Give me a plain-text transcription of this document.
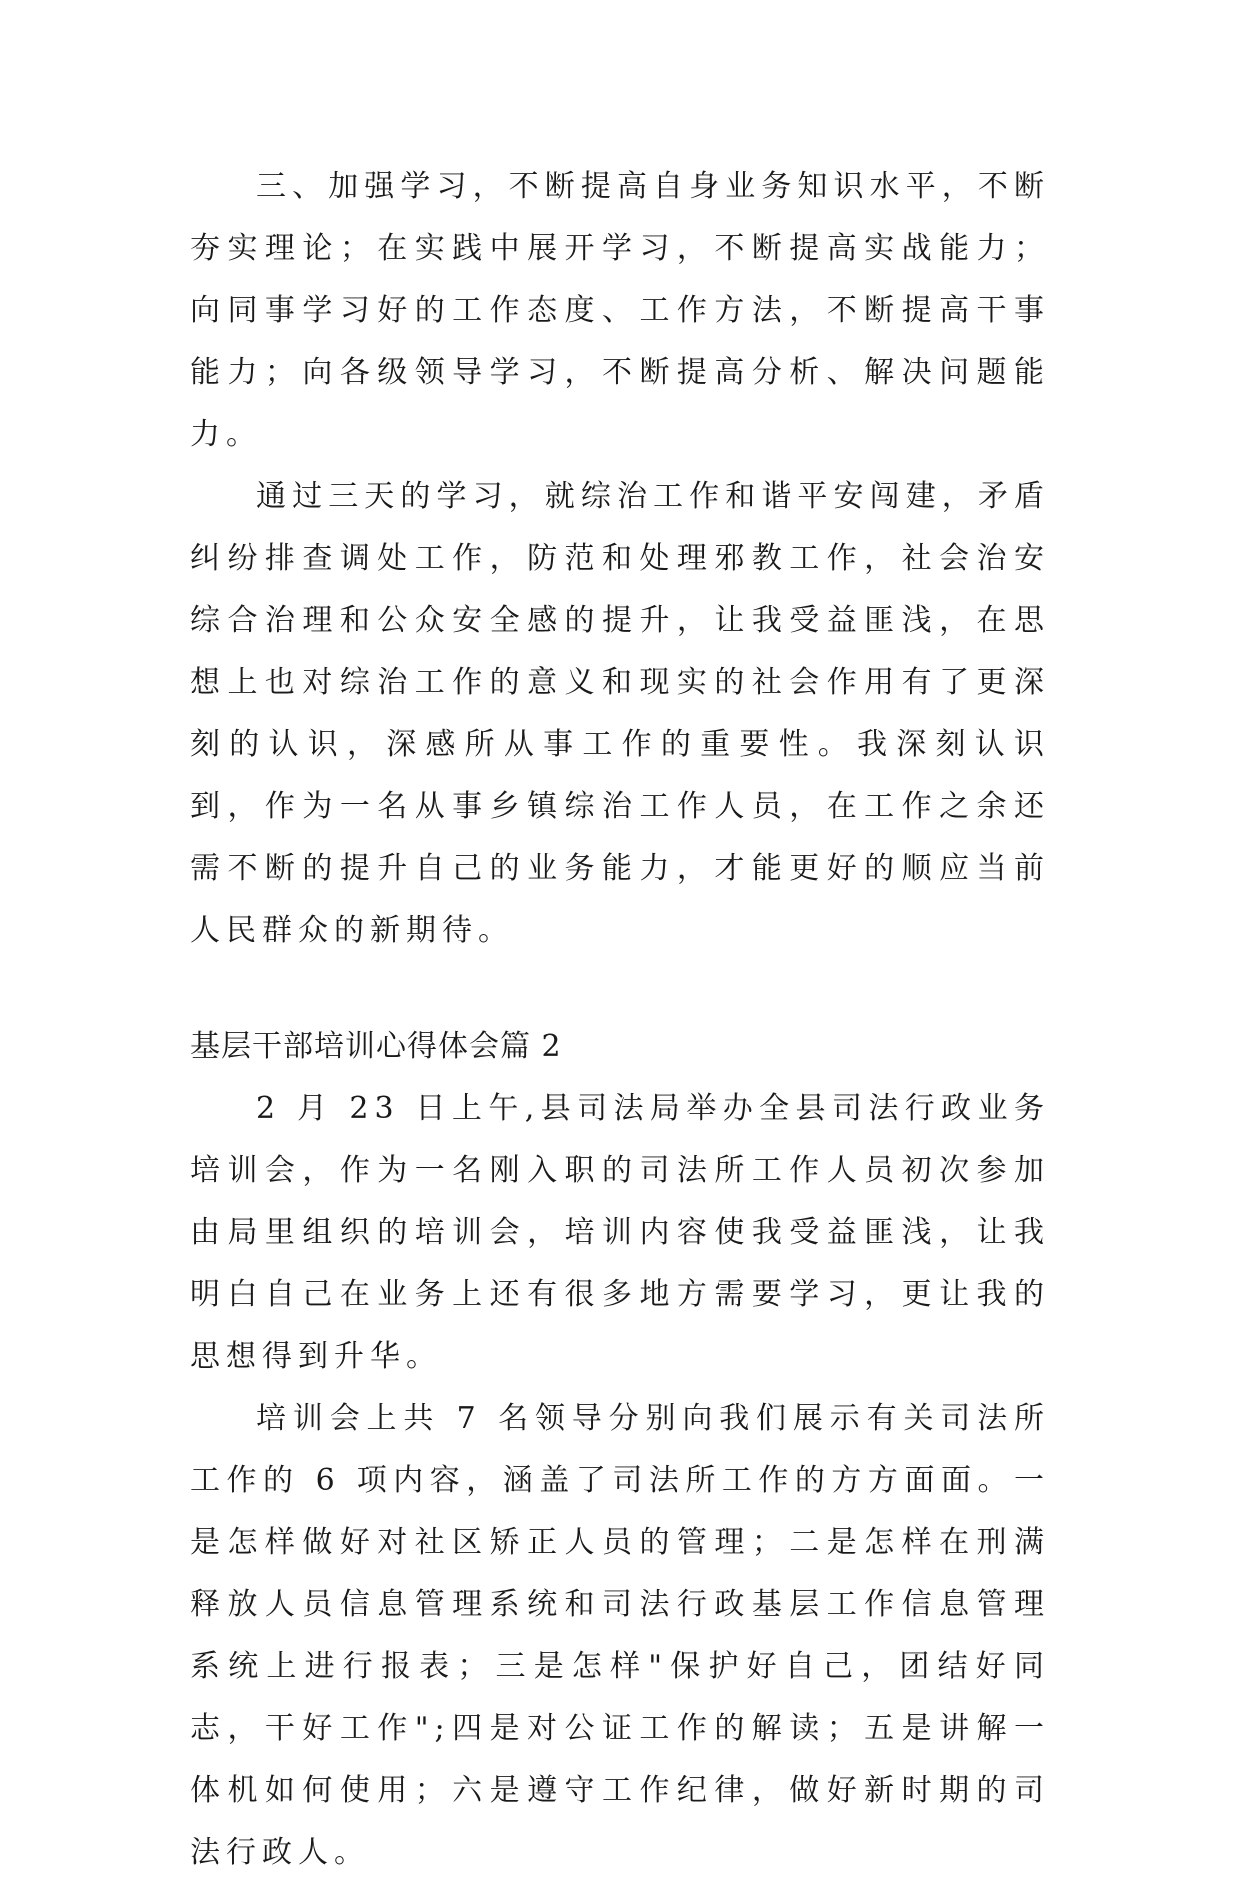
三、加强学习，不断提高自身业务知识水平，不断夯实理论；在实践中展开学习，不断提高实战能力；向同事学习好的工作态度、工作方法，不断提高干事能力；向各级领导学习，不断提高分析、解决问题能力。

通过三天的学习，就综治工作和谐平安闯建，矛盾纠纷排查调处工作，防范和处理邪教工作，社会治安综合治理和公众安全感的提升，让我受益匪浅，在思想上也对综治工作的意义和现实的社会作用有了更深刻的认识，深感所从事工作的重要性。我深刻认识到，作为一名从事乡镇综治工作人员，在工作之余还需不断的提升自己的业务能力，才能更好的顺应当前人民群众的新期待。

基层干部培训心得体会篇 2

2 月 23 日上午,县司法局举办全县司法行政业务培训会，作为一名刚入职的司法所工作人员初次参加由局里组织的培训会，培训内容使我受益匪浅，让我明白自己在业务上还有很多地方需要学习，更让我的思想得到升华。

培训会上共 7 名领导分别向我们展示有关司法所工作的 6 项内容，涵盖了司法所工作的方方面面。一是怎样做好对社区矫正人员的管理；二是怎样在刑满释放人员信息管理系统和司法行政基层工作信息管理系统上进行报表；三是怎样"保护好自己，团结好同志，干好工作";四是对公证工作的解读；五是讲解一体机如何使用；六是遵守工作纪律，做好新时期的司法行政人。
